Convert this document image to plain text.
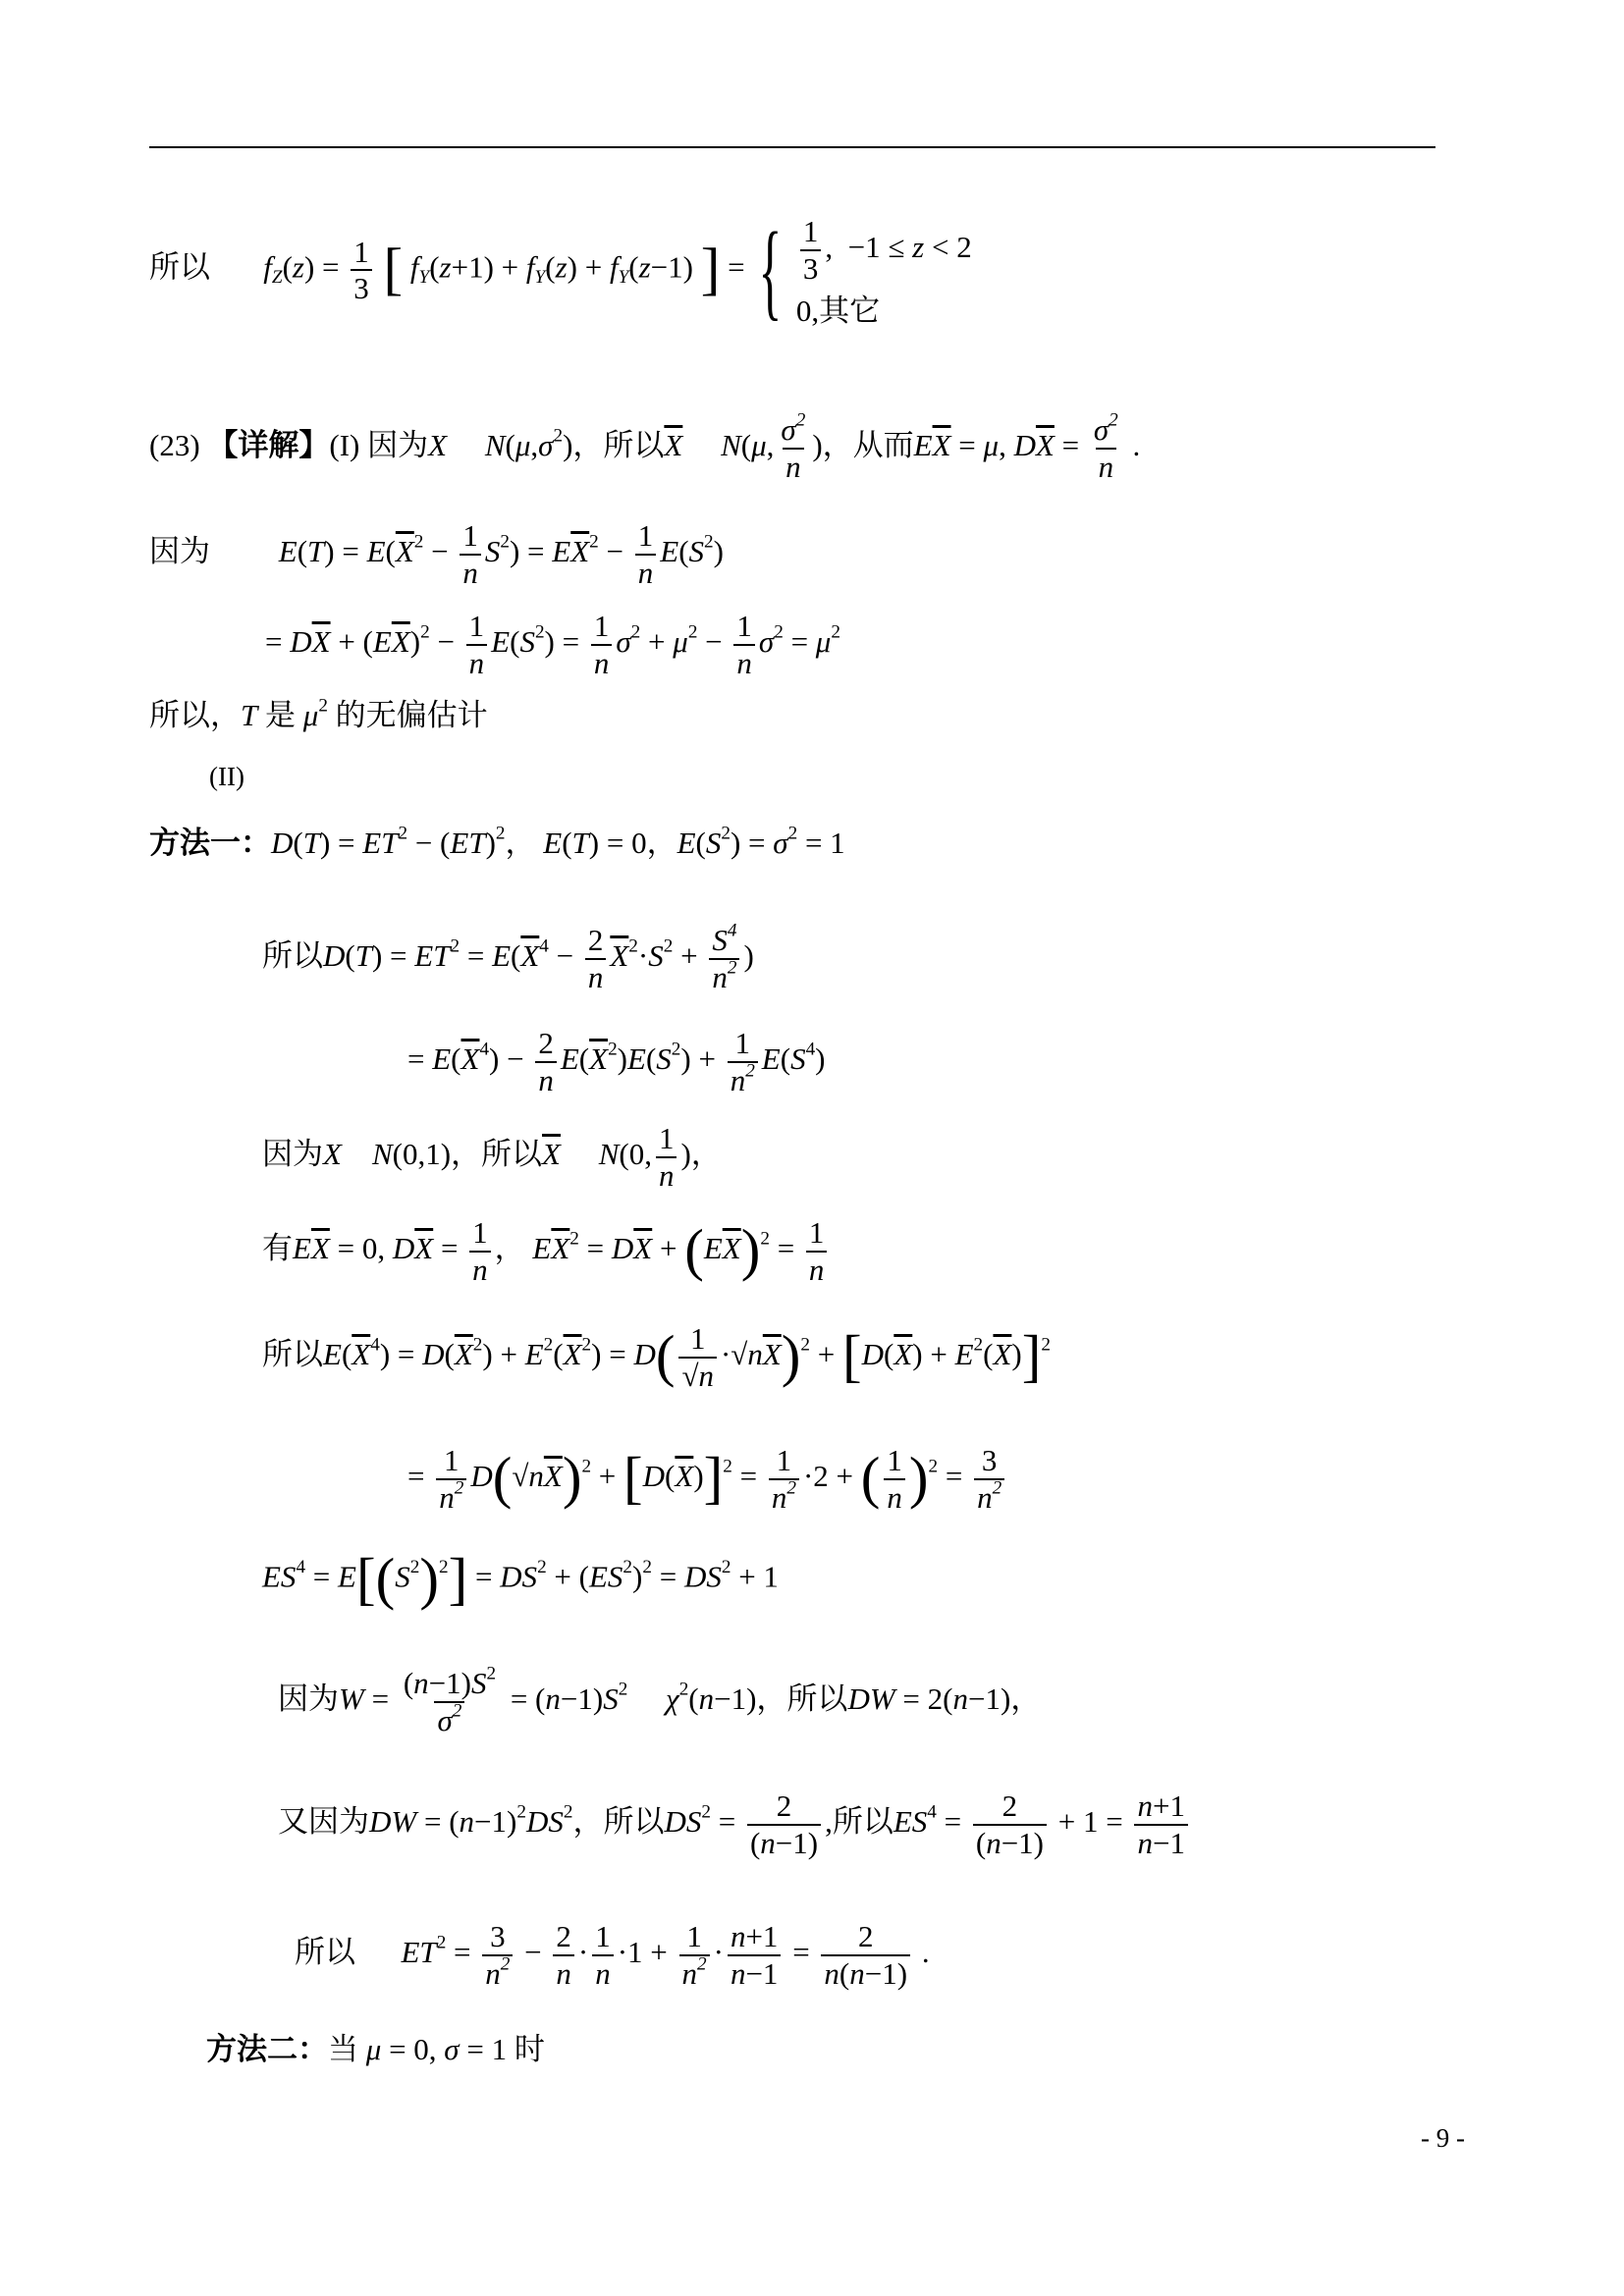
所以 $f_Z(z) = \frac{1}{3}$ [ $f_Y(z+1) + f_Y(z) + f_Y(z-1)$ ] = { $\frac{1}{3}$ ,  −1 ≤ z < 2
0,其它
(23) 【详解】(I) 因为X $N(\mu,\sigma^2)$，所以$\overline{X}$ N(μ, $\frac{\sigma^2}{n}$ )，从而$E\overline{X} = \mu$, $D\overline{X} = \frac{\sigma^2}{n}$ .
因为 $E(T) = E(\overline{X}^2 - \frac{1}{n} S^2) = E\overline{X}^2 - \frac{1}{n} E(S^2)$
= $D\overline{X} + (E\overline{X})^2 - \frac{1}{n} E(S^2) = \frac{1}{n} \sigma^2 + \mu^2 - \frac{1}{n} \sigma^2 = \mu^2$
所以，T 是 $\mu^2$ 的无偏估计
(II)
方法一：$D(T) = ET^2 - (ET)^2$， E(T) = 0，$E(S^2) = \sigma^2 = 1$
所以$D(T) = ET^2 = E(\overline{X}^4 - \frac{2}{n} \overline{X}^2\cdot S^2 + \frac{S^4}{n^2}$ )
= $E(\overline{X}^4) - \frac{2}{n} E(\overline{X}^2)E(S^2) + \frac{1}{n^2} E(S^4)$
因为X N(0,1)，所以$\overline{X}$ N(0, $\frac{1}{n}$ )，
有$E\overline{X} = 0$, $D\overline{X} = \frac{1}{n}$ ， $E\overline{X}^2 = D\overline{X} + (E\overline{X})^2 = \frac{1}{n}$
所以$E(\overline{X}^4) = D(\overline{X}^2) + E^2(\overline{X}^2) = D( \frac{1}{√n} \cdot√n\overline{X})^2 + [D(\overline{X}) + E^2(\overline{X})]^2$
= $\frac{1}{n^2} D(√n\overline{X})^2 + [D(\overline{X})]^2 = \frac{1}{n^2} \cdot 2$ + ( $\frac{1}{n} )^2 = \frac{3}{n^2}$
$ES^4 = E[(S^2)^2] = DS^2 + (ES^2)^2 = DS^2 + 1$
因为$W = \frac{(n-1)S^2}{\sigma^2} = (n-1)S^2$ $\chi^2(n-1)$，所以DW = 2(n−1)，
又因为DW = $(n-1)^2DS^2$，所以$DS^2 = \frac{2}{(n-1)}$ ,所以$ES^4 = \frac{2}{(n-1)} + 1 = \frac{n+1}{n-1}$
所以      $ET^2 = \frac{3}{n^2} - \frac{2}{n} \cdot \frac{1}{n} \cdot 1 + \frac{1}{n^2} \cdot \frac{n+1}{n-1} = \frac{2}{n(n-1)}$ .
方法二：当 μ = 0, σ = 1 时
- 9 -
